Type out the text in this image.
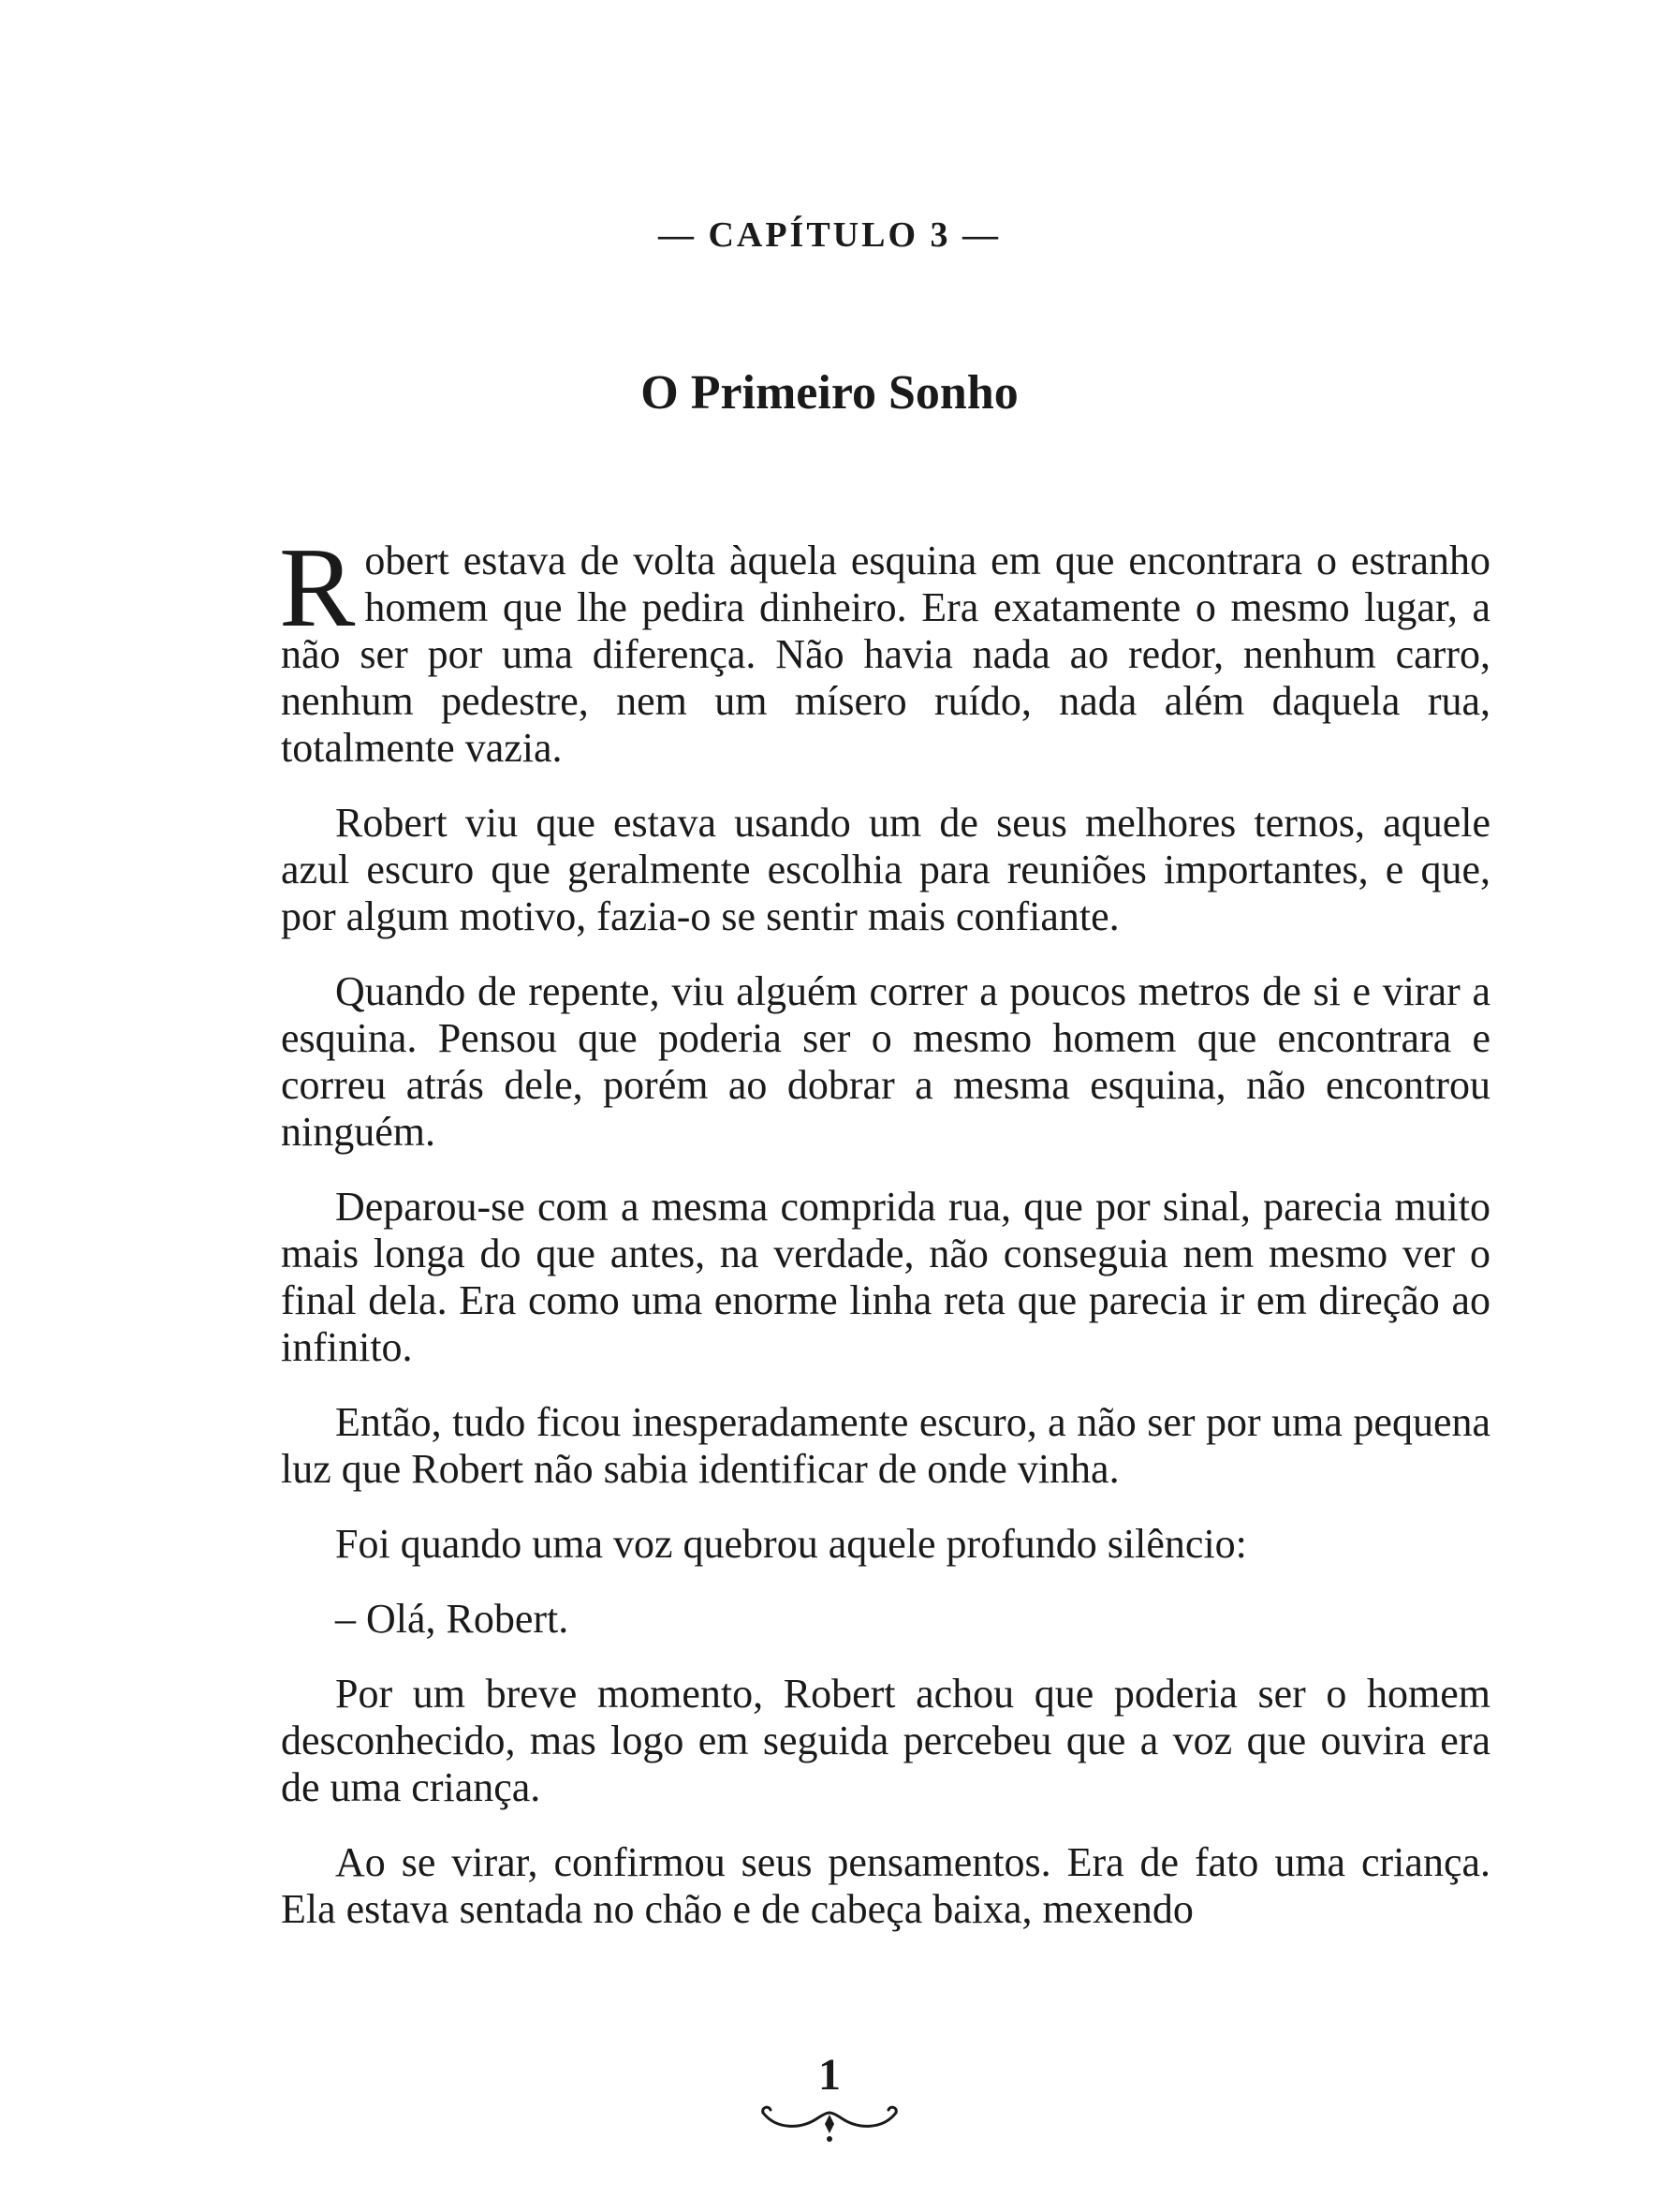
— CAPÍTULO 3 —
O Primeiro Sonho

Robert estava de volta àquela esquina em que encontrara o estranho homem que lhe pedira dinheiro. Era exatamente o mesmo lugar, a não ser por uma diferença. Não havia nada ao redor, nenhum carro, nenhum pedestre, nem um mísero ruído, nada além daquela rua, totalmente vazia.

Robert viu que estava usando um de seus melhores ternos, aquele azul escuro que geralmente escolhia para reuniões importantes, e que, por algum motivo, fazia-o se sentir mais confiante.

Quando de repente, viu alguém correr a poucos metros de si e virar a esquina. Pensou que poderia ser o mesmo homem que encontrara e correu atrás dele, porém ao dobrar a mesma esquina, não encontrou ninguém.

Deparou-se com a mesma comprida rua, que por sinal, parecia muito mais longa do que antes, na verdade, não conseguia nem mesmo ver o final dela. Era como uma enorme linha reta que parecia ir em direção ao infinito.

Então, tudo ficou inesperadamente escuro, a não ser por uma pequena luz que Robert não sabia identificar de onde vinha.

Foi quando uma voz quebrou aquele profundo silêncio:

– Olá, Robert.

Por um breve momento, Robert achou que poderia ser o homem desconhecido, mas logo em seguida percebeu que a voz que ouvira era de uma criança.

Ao se virar, confirmou seus pensamentos. Era de fato uma criança. Ela estava sentada no chão e de cabeça baixa, mexendo

1
